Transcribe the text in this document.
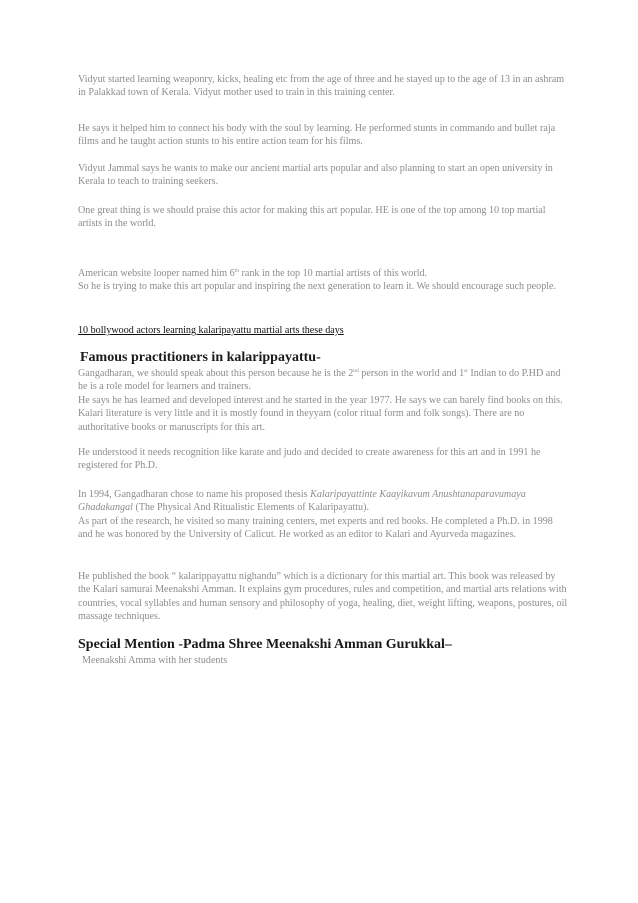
Vidyut started learning weaponry, kicks, healing etc from the age of three and he stayed up to the age of 13 in an ashram in Palakkad town of Kerala. Vidyut mother used to train in this training center.

He says it helped him to connect his body with the soul by learning. He performed stunts in commando and bullet raja films and he taught action stunts to his entire action team for his films.

Vidyut Jammal says he wants to make our ancient martial arts popular and also planning to start an open university in Kerala to teach to training seekers.

One great thing is we should praise this actor for making this art popular. HE is one of the top among 10 top martial artists in the world.

American website looper named him 6th rank in the top 10 martial artists of this world.
So he is trying to make this art popular and inspiring the next generation to learn it. We should encourage such people.

10 bollywood actors learning kalaripayattu martial arts these days
Famous practitioners in kalarippayattu-

Gangadharan, we should speak about this person because he is the 2nd person in the world and 1st Indian to do P.HD and he is a role model for learners and trainers.
He says he has learned and developed interest and he started in the year 1977. He says we can barely find books on this. Kalari literature is very little and it is mostly found in theyyam (color ritual form and folk songs). There are no authoritative books or manuscripts for this art.

He understood it needs recognition like karate and judo and decided to create awareness for this art and in 1991 he registered for Ph.D.

In 1994, Gangadharan chose to name his proposed thesis Kalaripayattinte Kaayikavum Anushtanaparavumaya Ghadakangal (The Physical And Ritualistic Elements of Kalaripayattu).
As part of the research, he visited so many training centers, met experts and red books. He completed a Ph.D. in 1998 and he was honored by the University of Calicut. He worked as an editor to Kalari and Ayurveda magazines.

He published the book “ kalarippayattu nighandu” which is a dictionary for this martial art. This book was released by the Kalari samurai Meenakshi Amman. It explains gym procedures, rules and competition, and martial arts relations with countries, vocal syllables and human sensory and philosophy of yoga, healing, diet, weight lifting, weapons, postures, oil massage techniques.

Special Mention -Padma Shree Meenakshi Amman Gurukkal–
Meenakshi Amma with her students
